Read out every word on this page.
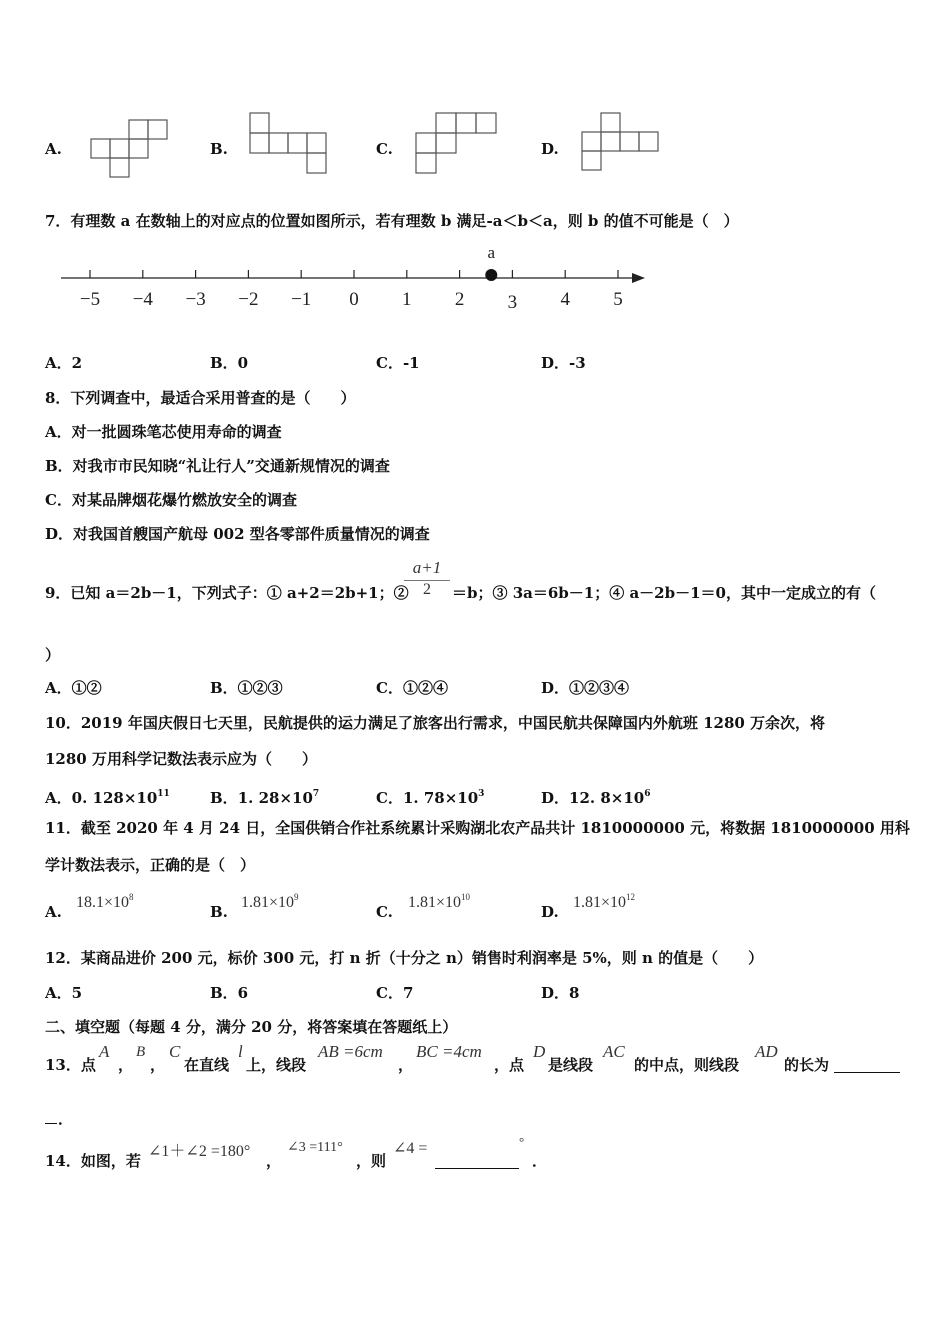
A.	B.	C.	D.
7．有理数 a 在数轴上的对应点的位置如图所示，若有理数 b 满足-a＜b＜a，则 b 的值不可能是（　）
−5 −4 −3 −2 −1 0 1 2 3 4 5
a
A．2	B．0	C．-1	D．-3
8．下列调查中，最适合采用普查的是（　　）
A．对一批圆珠笔芯使用寿命的调查
B．对我市市民知晓“礼让行人”交通新规情况的调查
C．对某品牌烟花爆竹燃放安全的调查
D．对我国首艘国产航母 002 型各零部件质量情况的调查
9．已知 a＝2b－1，下列式子：① a+2＝2b+1；②
$\frac{a+1}{2} =b$；③ 3a＝6b－1；④ a－2b－1＝0，其中一定成立的有（
）
A．①②	B．①②③	C．①②④	D．①②③④
10．2019 年国庆假日七天里，民航提供的运力满足了旅客出行需求，中国民航共保障国内外航班 1280 万余次，将
1280 万用科学记数法表示应为（　　）
A．0. $128\times 10^{11}$	B．1. $28\times 10^7$	C．1. $78\times 10^3$	D．12. $8\times 10^6$
11．截至 2020 年 4 月 24 日，全国供销合作社系统累计采购湖北农产品共计 1810000000 元，将数据 1810000000 用科
学计数法表示，正确的是（　）
A.
$18.1\times 10^8$
B.
$1.81\times 10^9$
C.
$1.81\times 10^{10}$
D.
$1.81\times 10^{12}$
12．某商品进价 200 元，标价 300 元，打 n 折（十分之 n）销售时利润率是 5%，则 n 的值是（　　）
A．5	B．6	C．7	D．8
二、填空题（每题 4 分，满分 20 分，将答案填在答题纸上）
13．点
A
，
B
，
C
在直线
l
上，线段
AB =6cm
，
BC =4cm
，点
D
是线段
AC
的中点，则线段
AD
的长为
．
14．如图，若
∠1＋∠2 =180°
，
∠3 =111°
，则
∠4 =	°
．
